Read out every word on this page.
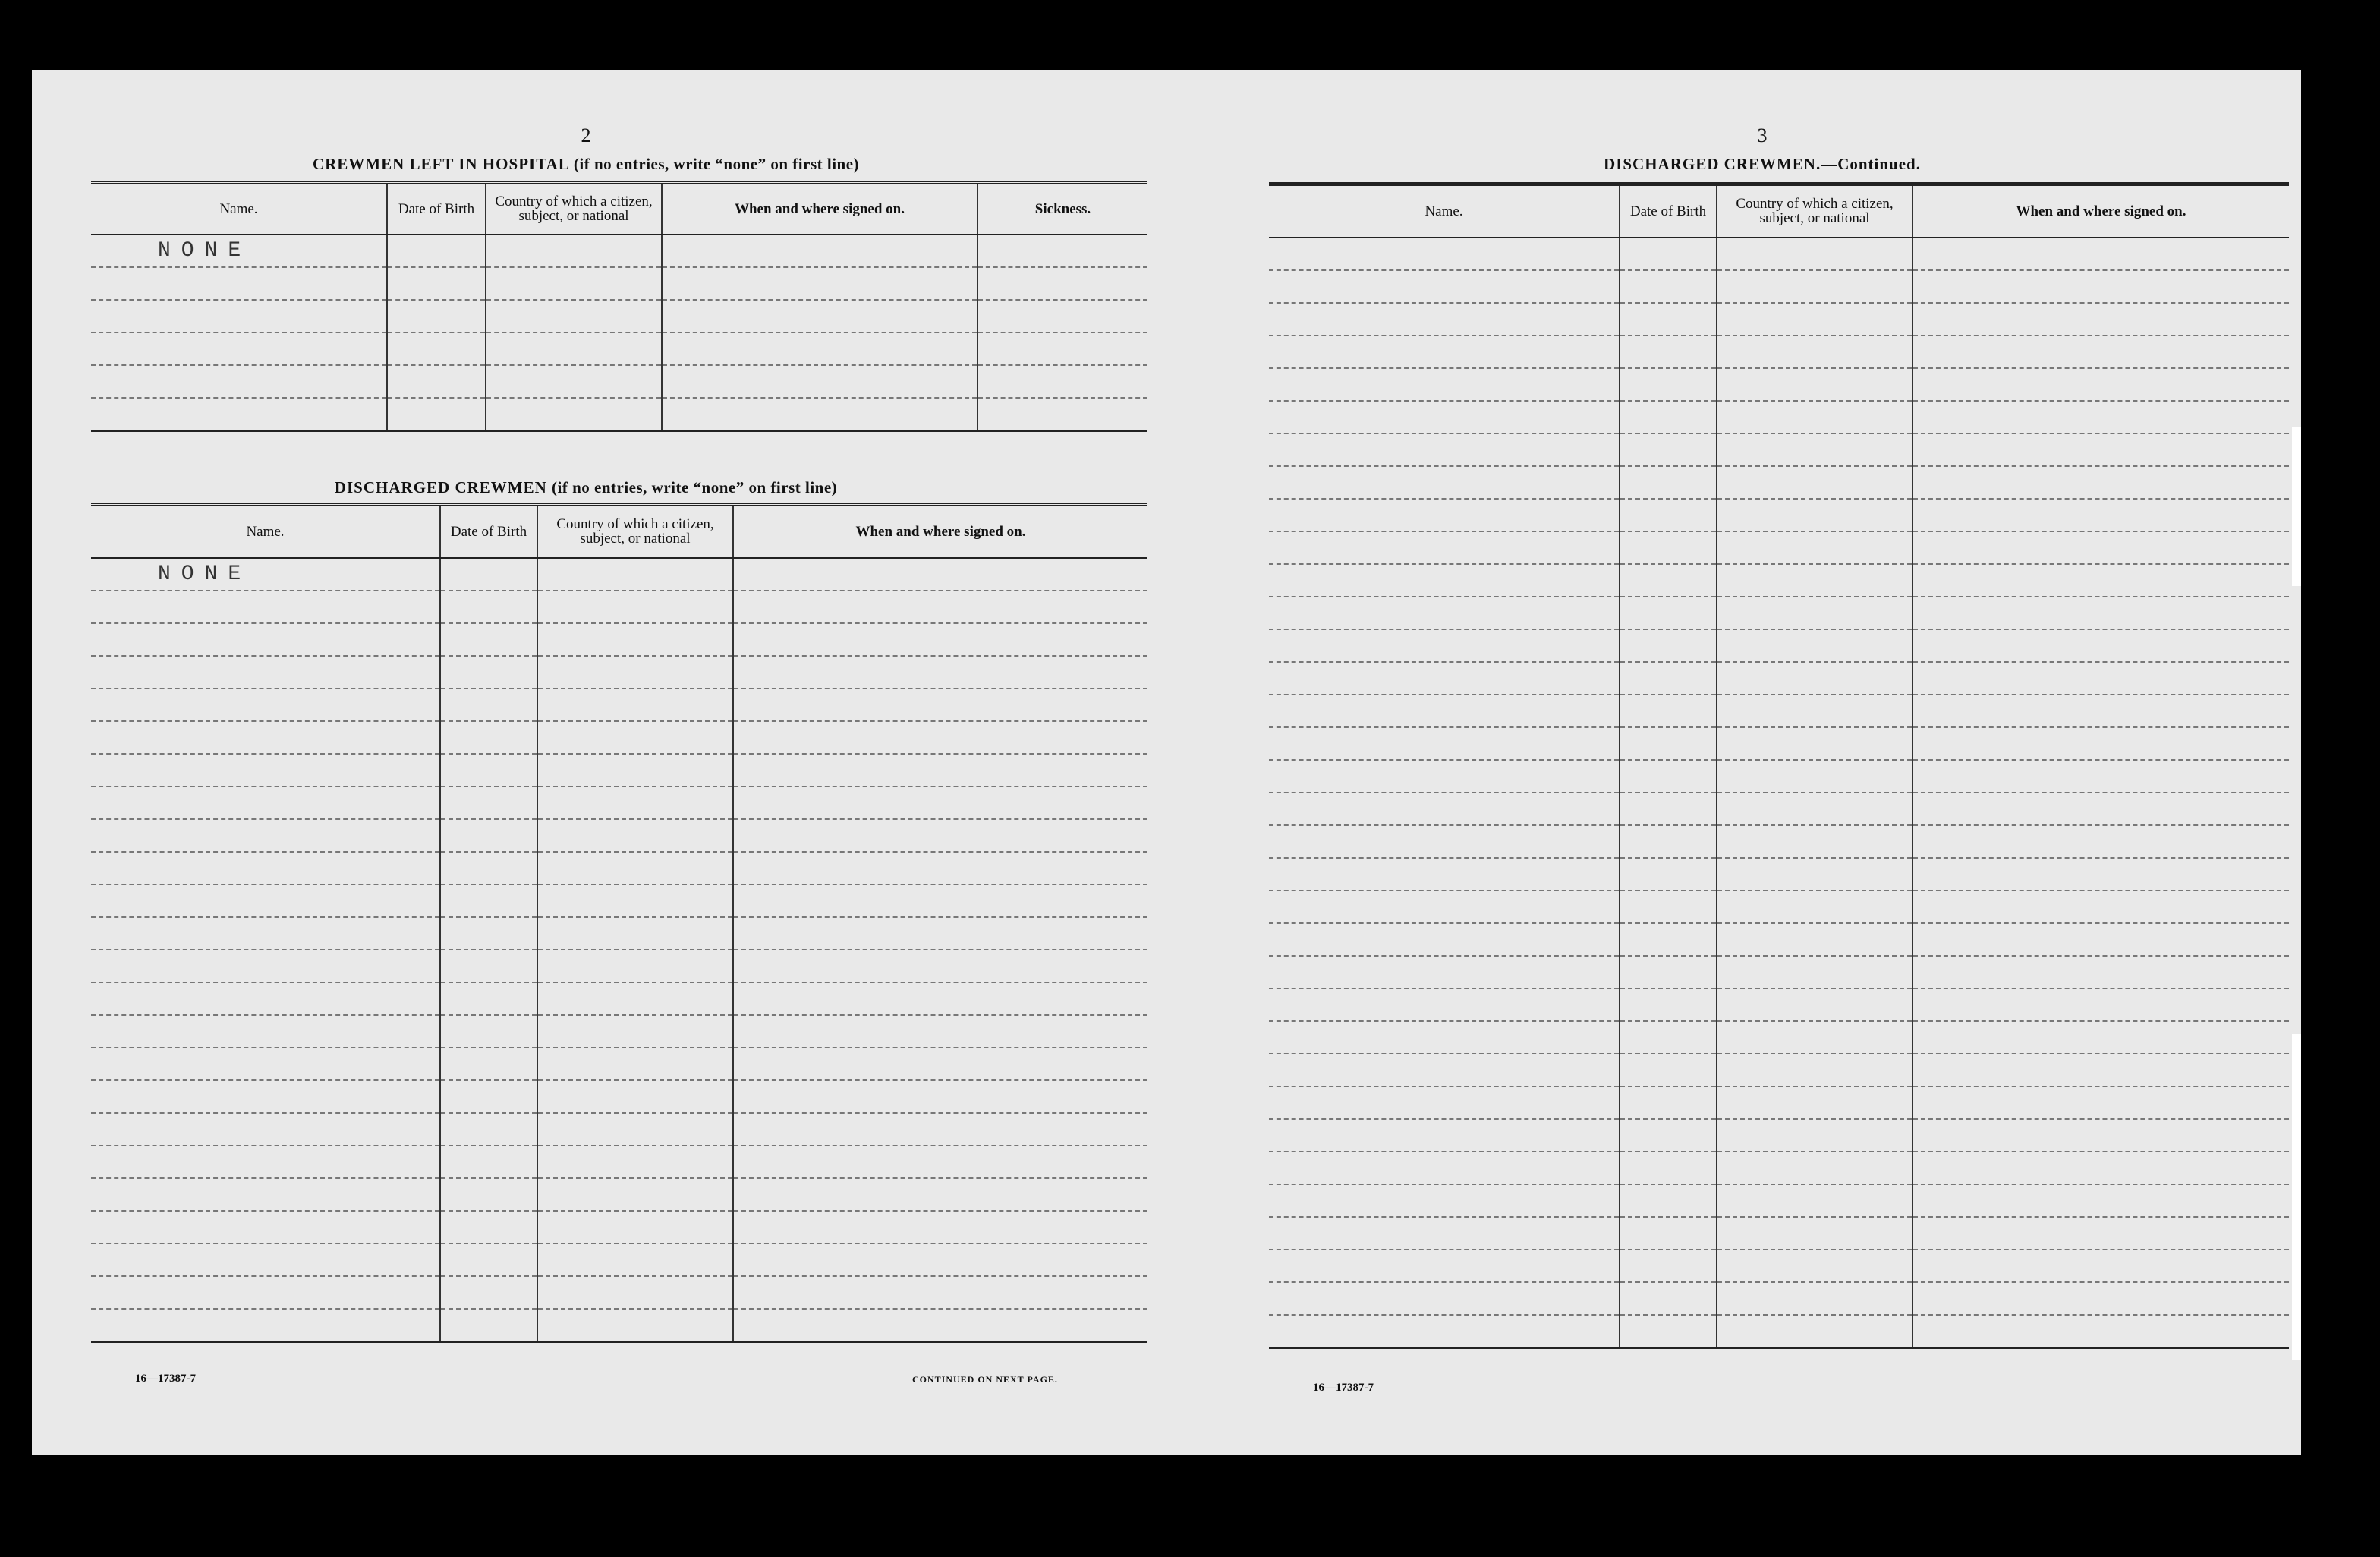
2
CREWMEN LEFT IN HOSPITAL (if no entries, write “none” on first line)
Name.	Date of Birth	Country of which a citizen, subject, or national	When and where signed on.	Sickness.
NONE				

DISCHARGED CREWMEN (if no entries, write “none” on first line)
Name.	Date of Birth	Country of which a citizen, subject, or national	When and where signed on.
NONE			

16—17387-7	CONTINUED ON NEXT PAGE.
3
DISCHARGED CREWMEN.—Continued.
Name.	Date of Birth	Country of which a citizen, subject, or national	When and where signed on.

16—17387-7
